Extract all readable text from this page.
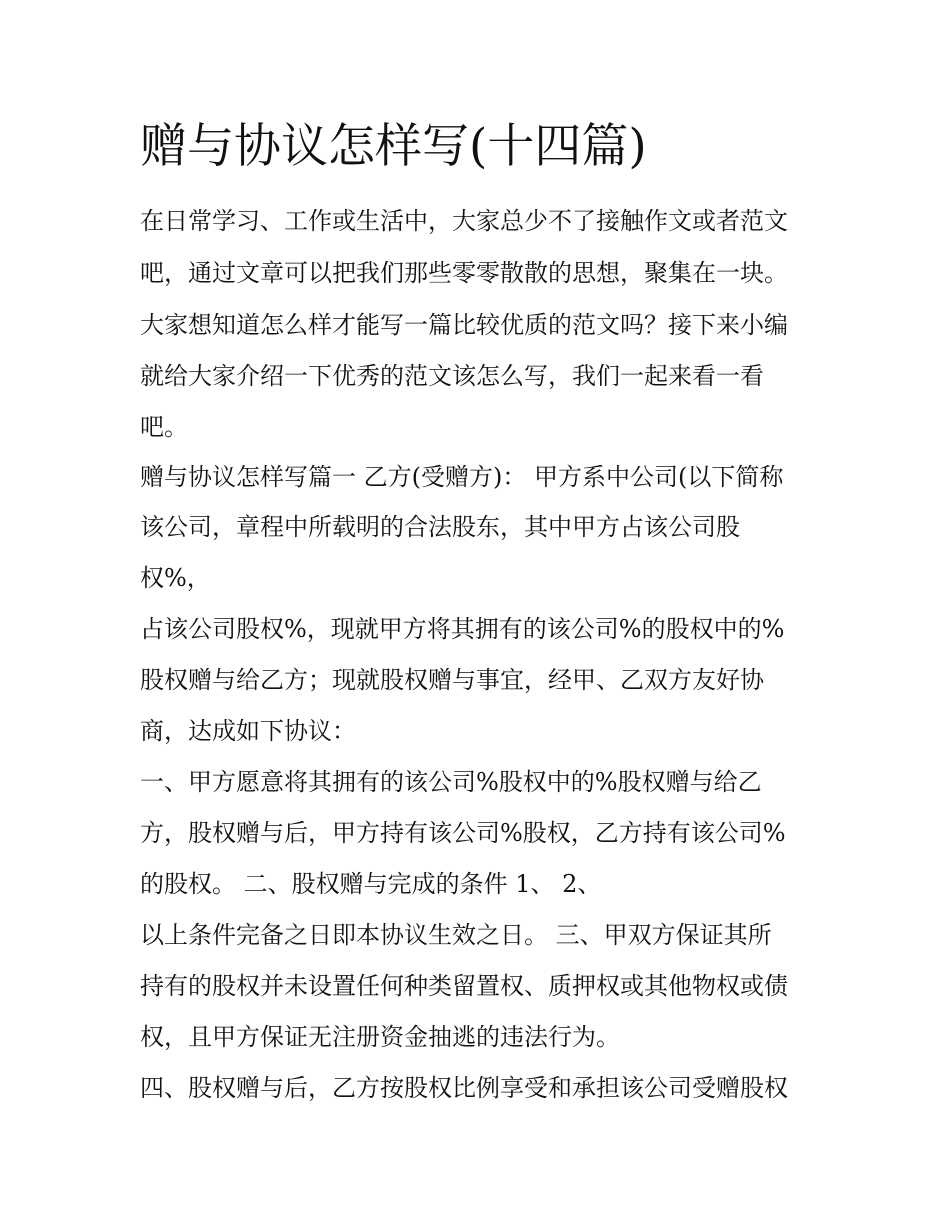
赠与协议怎样写(十四篇)

在日常学习、工作或生活中，大家总少不了接触作文或者范文

吧，通过文章可以把我们那些零零散散的思想，聚集在一块。

大家想知道怎么样才能写一篇比较优质的范文吗？接下来小编

就给大家介绍一下优秀的范文该怎么写，我们一起来看一看

吧。

赠与协议怎样写篇一 乙方(受赠方)： 甲方系中公司(以下简称

该公司，章程中所载明的合法股东，其中甲方占该公司股

权%，

占该公司股权%，现就甲方将其拥有的该公司%的股权中的%

股权赠与给乙方；现就股权赠与事宜，经甲、乙双方友好协

商，达成如下协议：

一、甲方愿意将其拥有的该公司%股权中的%股权赠与给乙

方，股权赠与后，甲方持有该公司%股权，乙方持有该公司%

的股权。 二、股权赠与完成的条件 1、 2、

以上条件完备之日即本协议生效之日。 三、甲双方保证其所

持有的股权并未设置任何种类留置权、质押权或其他物权或债

权，且甲方保证无注册资金抽逃的违法行为。

四、股权赠与后，乙方按股权比例享受和承担该公司受赠股权
